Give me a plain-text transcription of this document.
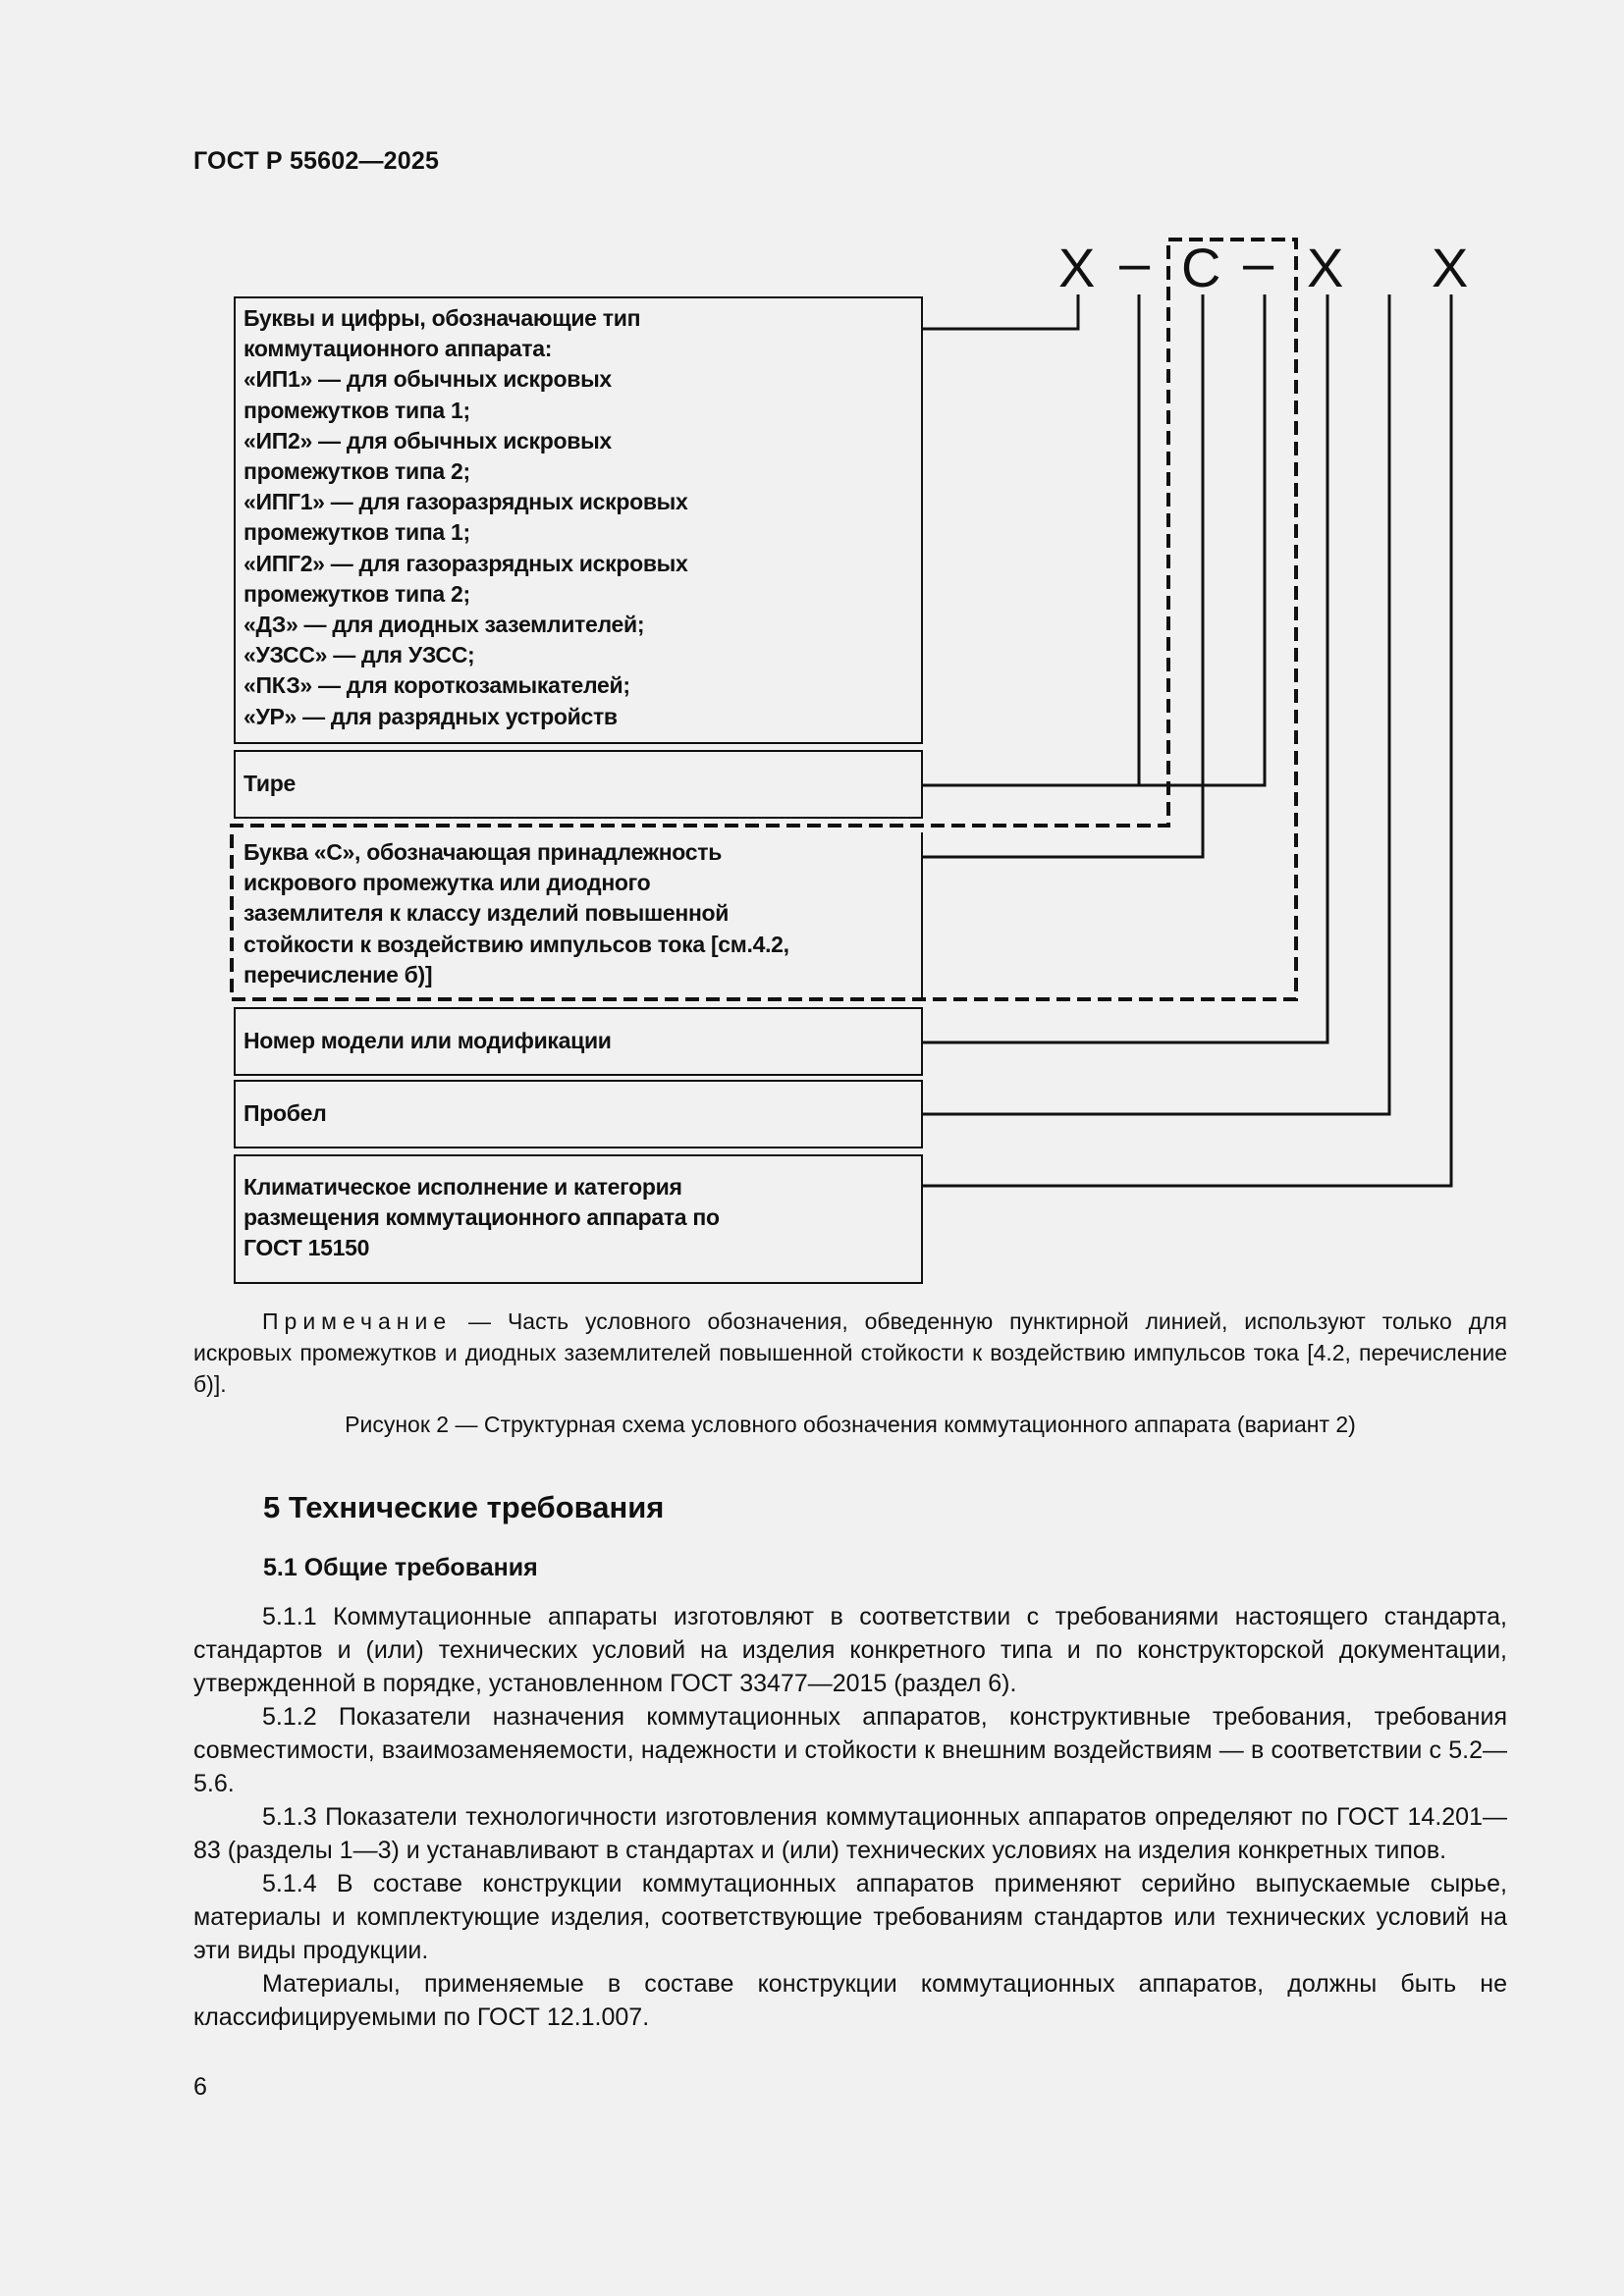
ГОСТ Р 55602—2025
Х – С – Х Х
Буквы и цифры, обозначающие тип
коммутационного аппарата:
«ИП1» — для обычных искровых
промежутков типа 1;
«ИП2» — для обычных искровых
промежутков типа 2;
«ИПГ1» — для газоразрядных искровых
промежутков типа 1;
«ИПГ2» — для газоразрядных искровых
промежутков типа 2;
«ДЗ» — для диодных заземлителей;
«УЗСС» — для УЗСС;
«ПКЗ» — для короткозамыкателей;
«УР» — для разрядных устройств
Тире
Буква «С», обозначающая принадлежность
искрового промежутка или диодного
заземлителя к классу изделий повышенной
стойкости к воздействию импульсов тока [см.4.2,
перечисление б)]
Номер модели или модификации
Пробел
Климатическое исполнение и категория
размещения коммутационного аппарата по
ГОСТ 15150
Примечание — Часть условного обозначения, обведенную пунктирной линией, используют только для искровых промежутков и диодных заземлителей повышенной стойкости к воздействию импульсов тока [4.2, перечисление б)].
Рисунок 2 — Структурная схема условного обозначения коммутационного аппарата (вариант 2)
5 Технические требования
5.1 Общие требования

5.1.1 Коммутационные аппараты изготовляют в соответствии с требованиями настоящего стандарта, стандартов и (или) технических условий на изделия конкретного типа и по конструкторской документации, утвержденной в порядке, установленном ГОСТ 33477—2015 (раздел 6).

5.1.2 Показатели назначения коммутационных аппаратов, конструктивные требования, требования совместимости, взаимозаменяемости, надежности и стойкости к внешним воздействиям — в соответствии с 5.2—5.6.

5.1.3 Показатели технологичности изготовления коммутационных аппаратов определяют по ГОСТ 14.201—83 (разделы 1—3) и устанавливают в стандартах и (или) технических условиях на изделия конкретных типов.

5.1.4 В составе конструкции коммутационных аппаратов применяют серийно выпускаемые сырье, материалы и комплектующие изделия, соответствующие требованиям стандартов или технических условий на эти виды продукции.

Материалы, применяемые в составе конструкции коммутационных аппаратов, должны быть не классифицируемыми по ГОСТ 12.1.007.

6
